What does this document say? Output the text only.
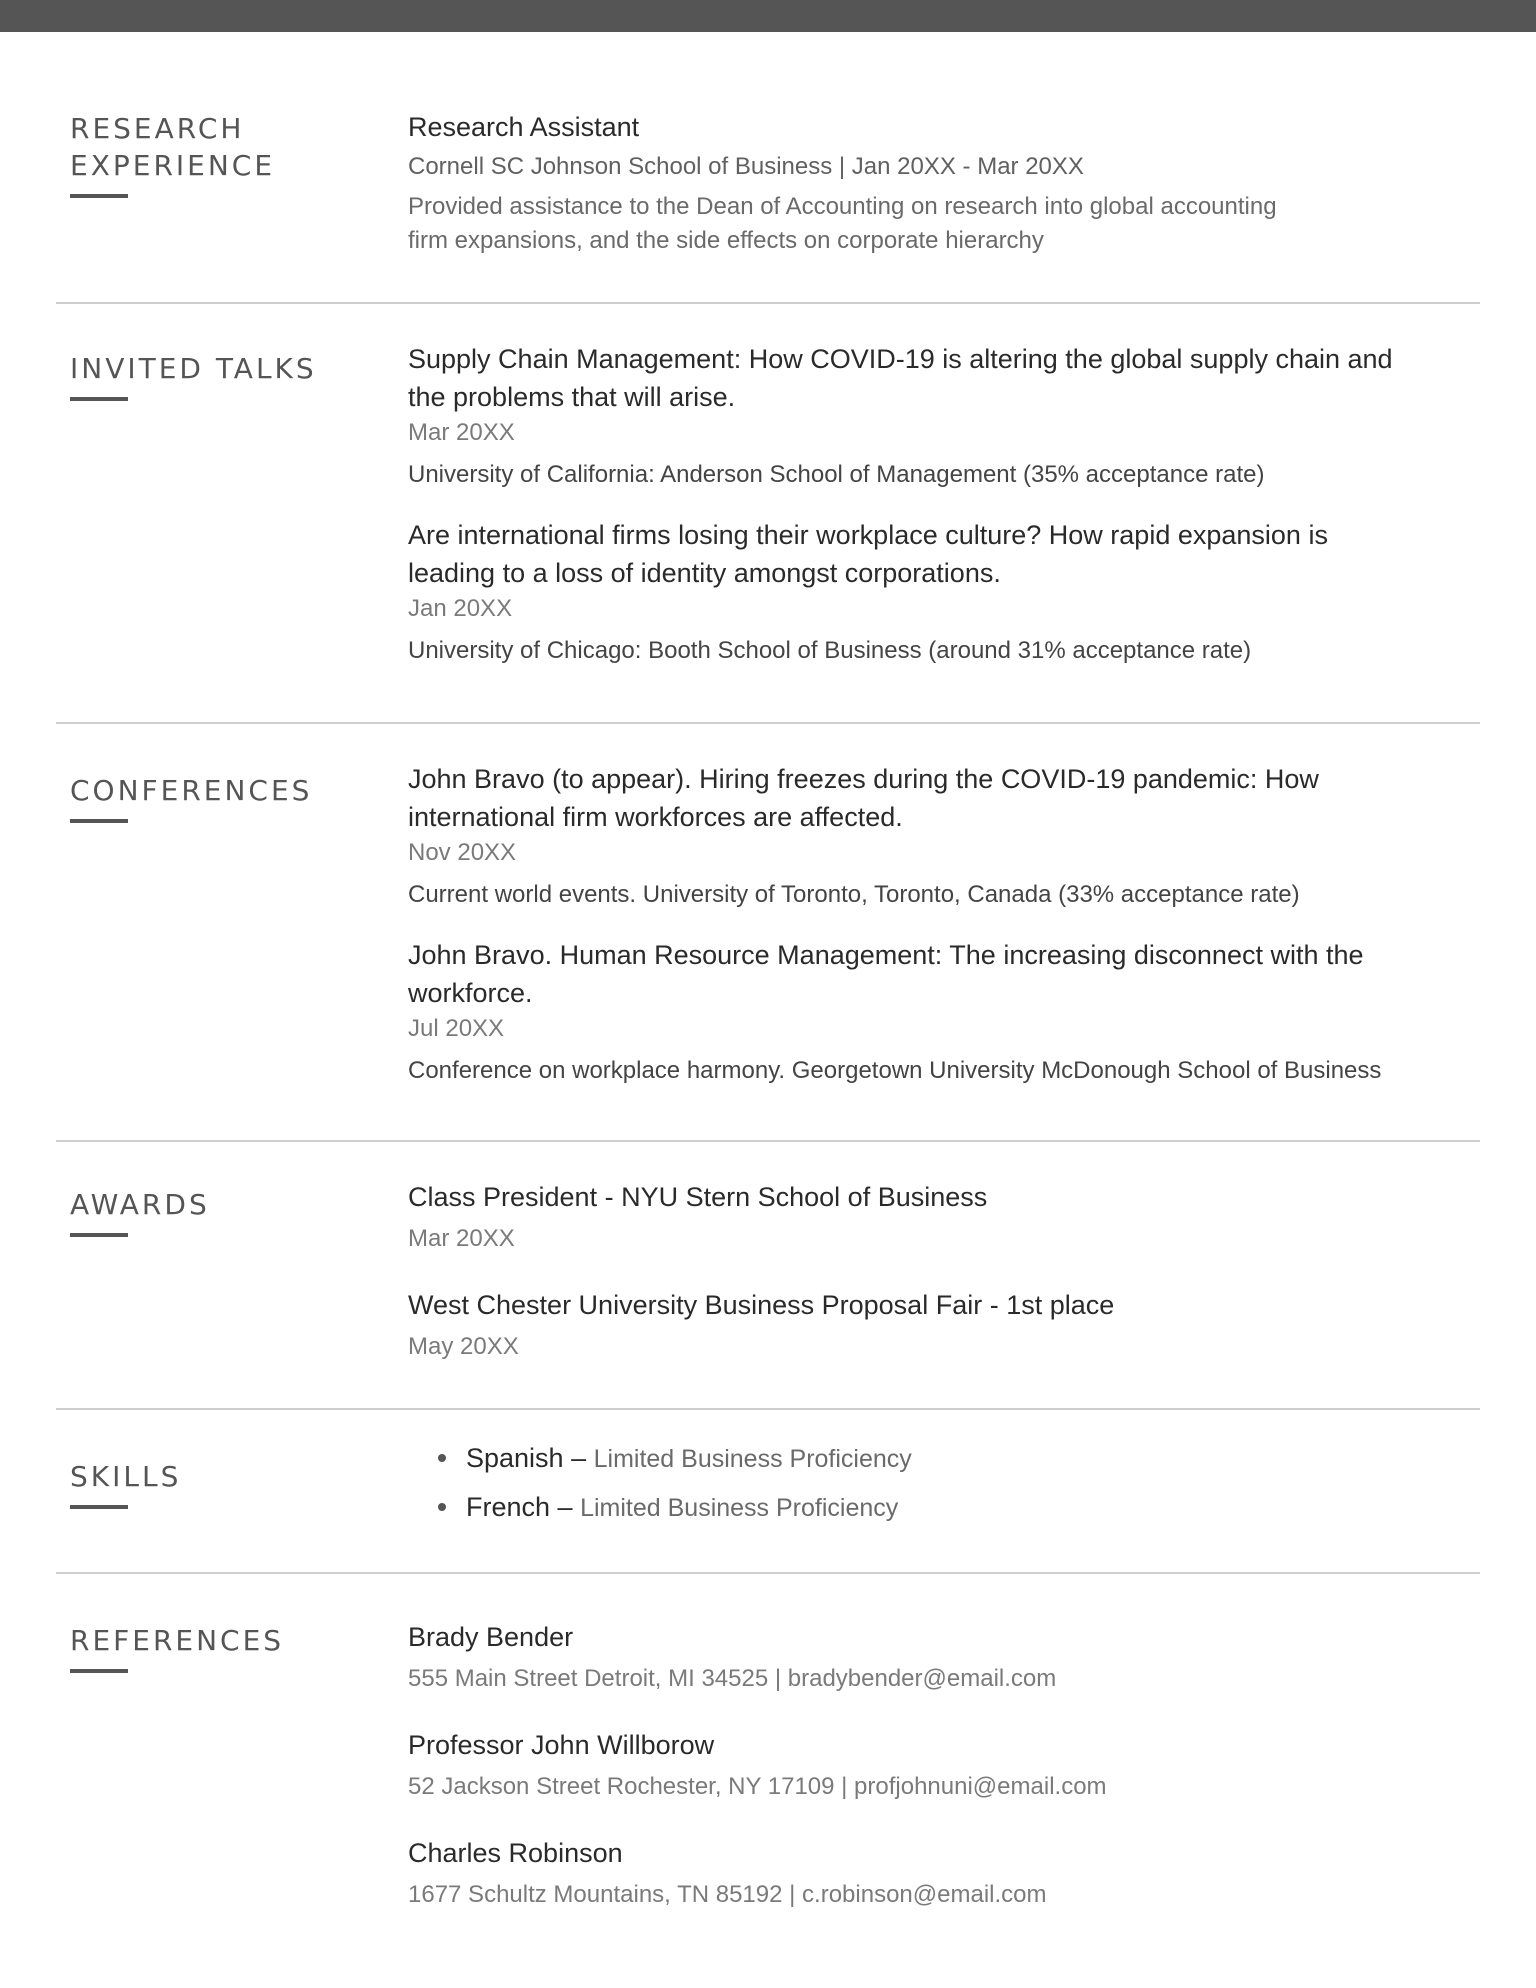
RESEARCH
EXPERIENCE
Research Assistant
Cornell SC Johnson School of Business | Jan 20XX - Mar 20XX
Provided assistance to the Dean of Accounting on research into global accounting
firm expansions, and the side effects on corporate hierarchy
INVITED TALKS	Supply Chain Management: How COVID-19 is altering the global supply chain and
the problems that will arise.
Mar 20XX
University of California: Anderson School of Management (35% acceptance rate)
Are international firms losing their workplace culture? How rapid expansion is
leading to a loss of identity amongst corporations.
Jan 20XX
University of Chicago: Booth School of Business (around 31% acceptance rate)
CONFERENCES	John Bravo (to appear). Hiring freezes during the COVID-19 pandemic: How
international firm workforces are affected.
Nov 20XX
Current world events. University of Toronto, Toronto, Canada (33% acceptance rate)
John Bravo. Human Resource Management: The increasing disconnect with the
workforce.
Jul 20XX
Conference on workplace harmony. Georgetown University McDonough School of Business
AWARDS	Class President - NYU Stern School of Business
Mar 20XX
West Chester University Business Proposal Fair - 1st place
May 20XX
SKILLS
Spanish – Limited Business Proficiency
French – Limited Business Proficiency
REFERENCES	Brady Bender
555 Main Street Detroit, MI 34525 | bradybender@email.com
Professor John Willborow
52 Jackson Street Rochester, NY 17109 | profjohnuni@email.com
Charles Robinson
1677 Schultz Mountains, TN 85192 | c.robinson@email.com
